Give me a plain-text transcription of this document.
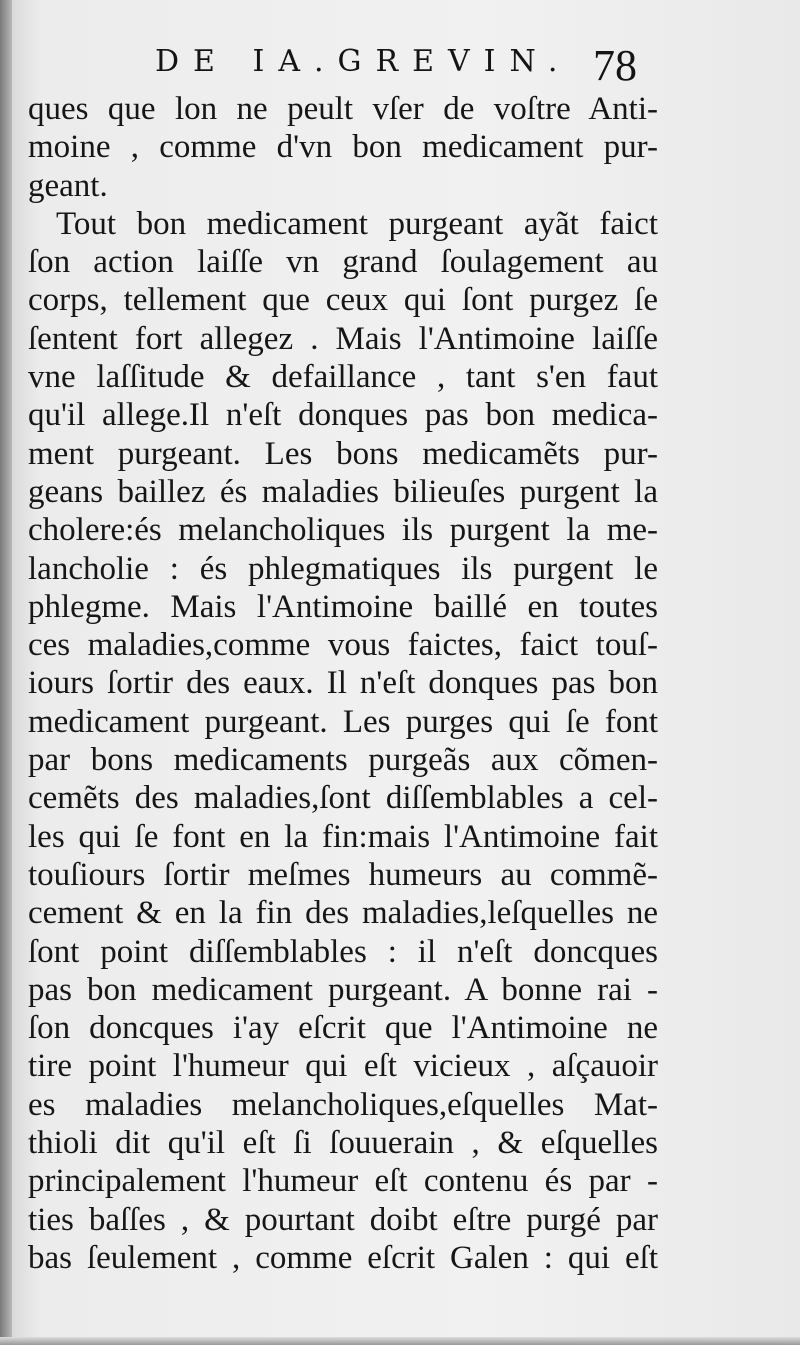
DE IA.GREVIN. 78
ques que lon ne peult vſer de voſtre Anti-
moine , comme d'vn bon medicament pur-
geant.
Tout bon medicament purgeant ayãt faict
ſon action laiſſe vn grand ſoulagement au
corps, tellement que ceux qui ſont purgez ſe
ſentent fort allegez . Mais l'Antimoine laiſſe
vne laſſitude & defaillance , tant s'en faut
qu'il allege.Il n'eſt donques pas bon medica-
ment purgeant. Les bons medicamẽts pur-
geans baillez és maladies bilieuſes purgent la
cholere:és melancholiques ils purgent la me-
lancholie : és phlegmatiques ils purgent le
phlegme. Mais l'Antimoine baillé en toutes
ces maladies,comme vous faictes, faict touſ-
iours ſortir des eaux. Il n'eſt donques pas bon
medicament purgeant. Les purges qui ſe font
par bons medicaments purgeãs aux cõmen-
cemẽts des maladies,ſont diſſemblables a cel-
les qui ſe font en la fin:mais l'Antimoine fait
touſiours ſortir meſmes humeurs au commẽ-
cement & en la fin des maladies,leſquelles ne
ſont point diſſemblables : il n'eſt doncques
pas bon medicament purgeant. A bonne rai -
ſon doncques i'ay eſcrit que l'Antimoine ne
tire point l'humeur qui eſt vicieux , aſçauoir
es maladies melancholiques,eſquelles Mat-
thioli dit qu'il eſt ſi ſouuerain , & eſquelles
principalement l'humeur eſt contenu és par -
ties baſſes , & pourtant doibt eſtre purgé par
bas ſeulement , comme eſcrit Galen : qui eſt
